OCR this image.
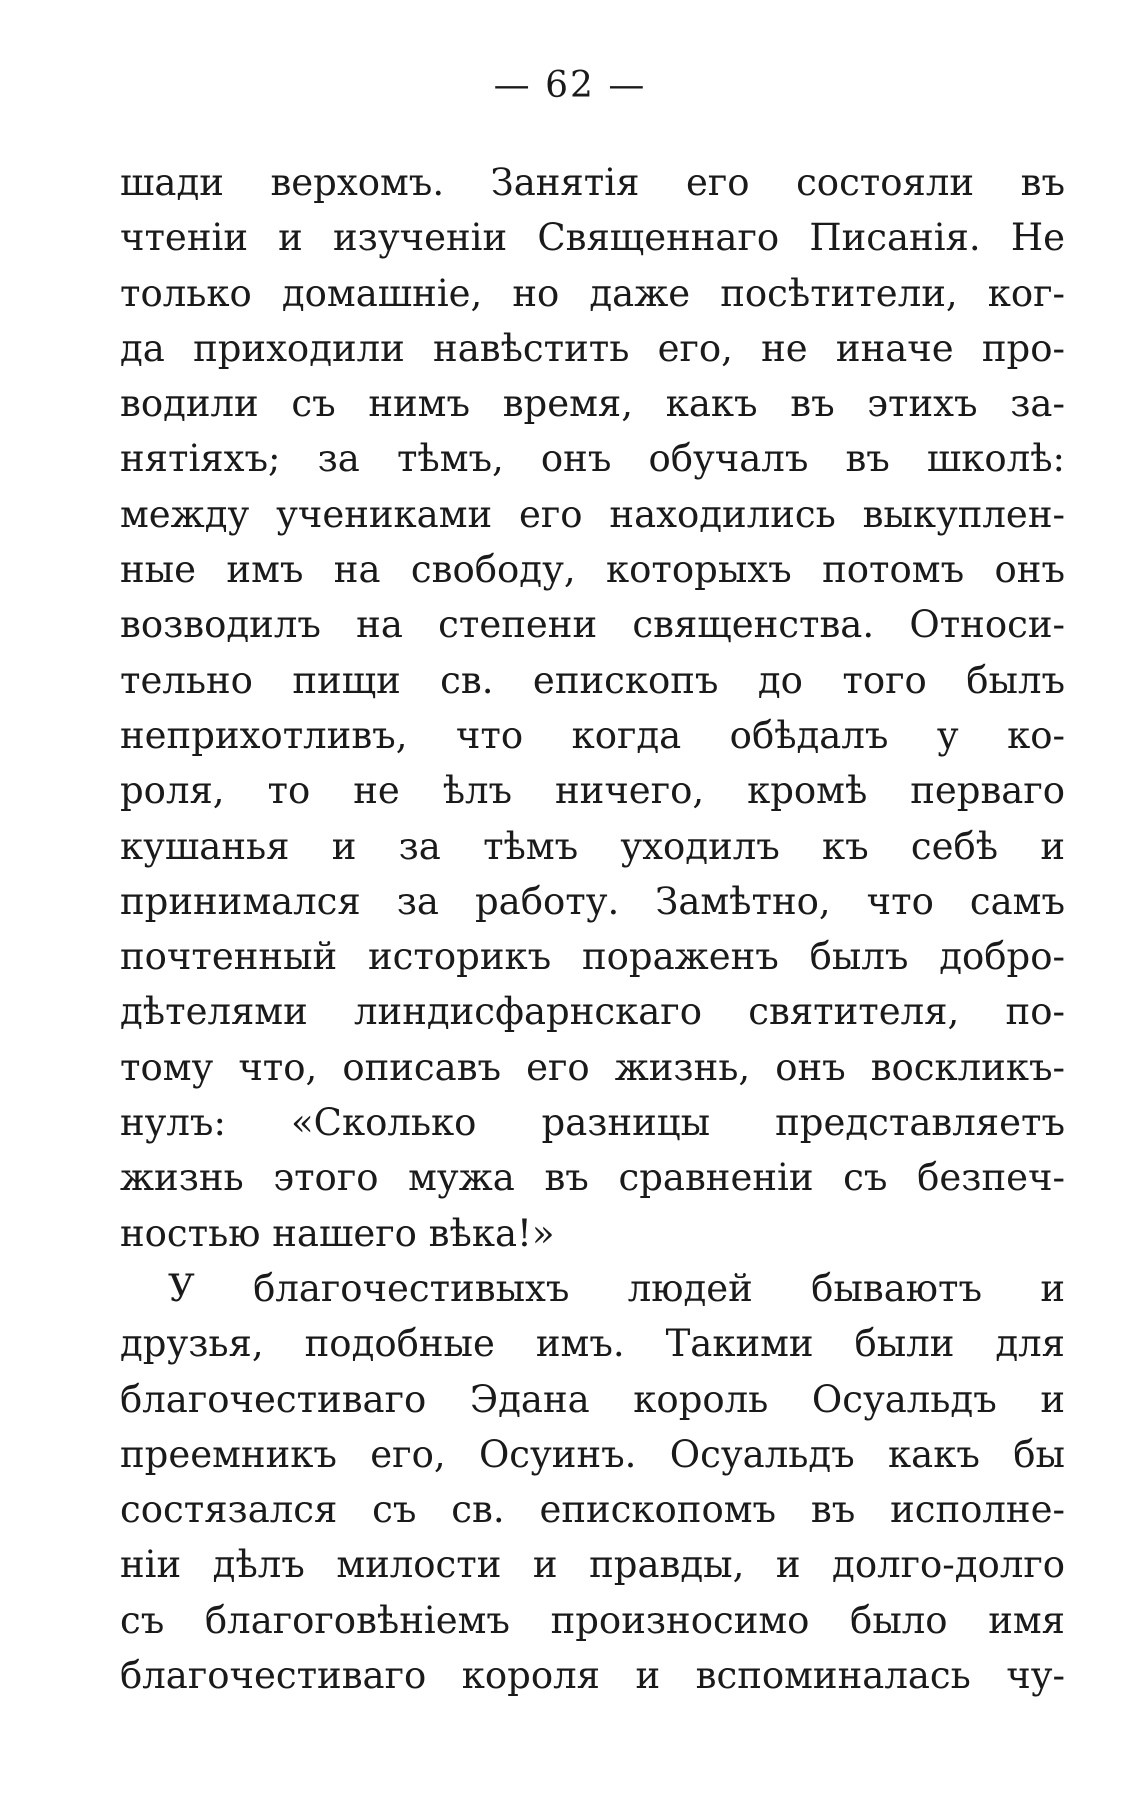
— 62 —
шади верхомъ. Занятія его состояли въ
чтеніи и изученіи Священнаго Писанія. Не
только домашніе, но даже посѣтители, ког-
да приходили навѣстить его, не иначе про-
водили съ нимъ время, какъ въ этихъ за-
нятіяхъ; за тѣмъ, онъ обучалъ въ школѣ:
между учениками его находились выкуплен-
ные имъ на свободу, которыхъ потомъ онъ
возводилъ на степени священства. Относи-
тельно пищи св. епископъ до того былъ
неприхотливъ, что когда обѣдалъ у ко-
роля, то не ѣлъ ничего, кромѣ перваго
кушанья и за тѣмъ уходилъ къ себѣ и
принимался за работу. Замѣтно, что самъ
почтенный историкъ пораженъ былъ добро-
дѣтелями линдисфарнскаго святителя, по-
тому что, описавъ его жизнь, онъ воскликъ-
нулъ: «Сколько разницы представляетъ
жизнь этого мужа въ сравненіи съ безпеч-
ностью нашего вѣка!»
У благочестивыхъ людей бываютъ и
друзья, подобные имъ. Такими были для
благочестиваго Эдана король Осуальдъ и
преемникъ его, Осуинъ. Осуальдъ какъ бы
состязался съ св. епископомъ въ исполне-
ніи дѣлъ милости и правды, и долго-долго
съ благоговѣніемъ произносимо было имя
благочестиваго короля и вспоминалась чу-
